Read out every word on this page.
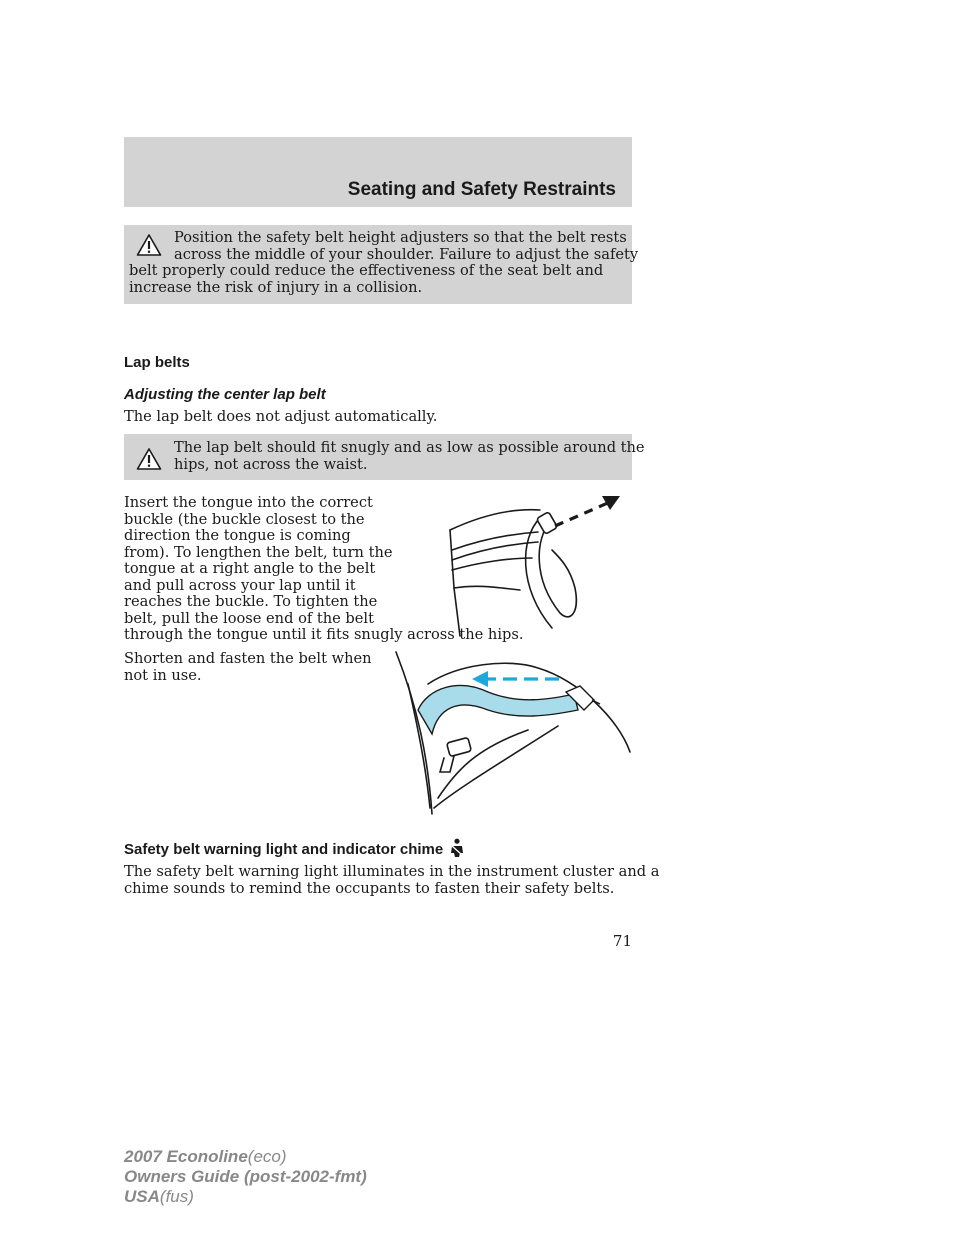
Seating and Safety Restraints
Position the safety belt height adjusters so that the belt rests
across the middle of your shoulder. Failure to adjust the safety
belt properly could reduce the effectiveness of the seat belt and
increase the risk of injury in a collision.
Lap belts
Adjusting the center lap belt
The lap belt does not adjust automatically.
The lap belt should fit snugly and as low as possible around the
hips, not across the waist.
Insert the tongue into the correct
buckle (the buckle closest to the
direction the tongue is coming
from). To lengthen the belt, turn the
tongue at a right angle to the belt
and pull across your lap until it
reaches the buckle. To tighten the
belt, pull the loose end of the belt
through the tongue until it fits snugly across the hips.
Shorten and fasten the belt when
not in use.
Safety belt warning light and indicator chime
The safety belt warning light illuminates in the instrument cluster and a
chime sounds to remind the occupants to fasten their safety belts.
71
2007 Econoline(eco)
Owners Guide (post-2002-fmt)
USA(fus)
